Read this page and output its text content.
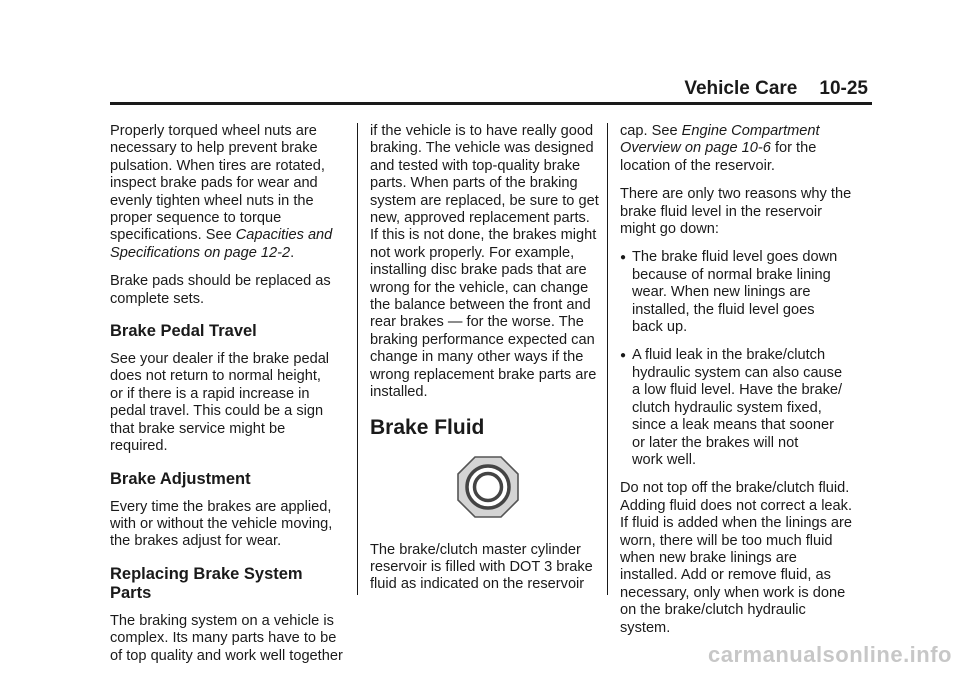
Vehicle Care 10-25

Properly torqued wheel nuts are
necessary to help prevent brake
pulsation. When tires are rotated,
inspect brake pads for wear and
evenly tighten wheel nuts in the
proper sequence to torque
specifications. See Capacities and
Specifications on page 12-2.

Brake pads should be replaced as
complete sets.

Brake Pedal Travel

See your dealer if the brake pedal
does not return to normal height,
or if there is a rapid increase in
pedal travel. This could be a sign
that brake service might be
required.

Brake Adjustment

Every time the brakes are applied,
with or without the vehicle moving,
the brakes adjust for wear.

Replacing Brake System Parts

The braking system on a vehicle is
complex. Its many parts have to be
of top quality and work well together

if the vehicle is to have really good
braking. The vehicle was designed
and tested with top-quality brake
parts. When parts of the braking
system are replaced, be sure to get
new, approved replacement parts.
If this is not done, the brakes might
not work properly. For example,
installing disc brake pads that are
wrong for the vehicle, can change
the balance between the front and
rear brakes — for the worse. The
braking performance expected can
change in many other ways if the
wrong replacement brake parts are
installed.

Brake Fluid

The brake/clutch master cylinder
reservoir is filled with DOT 3 brake
fluid as indicated on the reservoir

cap. See Engine Compartment
Overview on page 10-6 for the
location of the reservoir.

There are only two reasons why the
brake fluid level in the reservoir
might go down:

● The brake fluid level goes down
because of normal brake lining
wear. When new linings are
installed, the fluid level goes
back up.
● A fluid leak in the brake/clutch
hydraulic system can also cause
a low fluid level. Have the brake/
clutch hydraulic system fixed,
since a leak means that sooner
or later the brakes will not
work well.

Do not top off the brake/clutch fluid.
Adding fluid does not correct a leak.
If fluid is added when the linings are
worn, there will be too much fluid
when new brake linings are
installed. Add or remove fluid, as
necessary, only when work is done
on the brake/clutch hydraulic
system.

carmanualsonline.info
